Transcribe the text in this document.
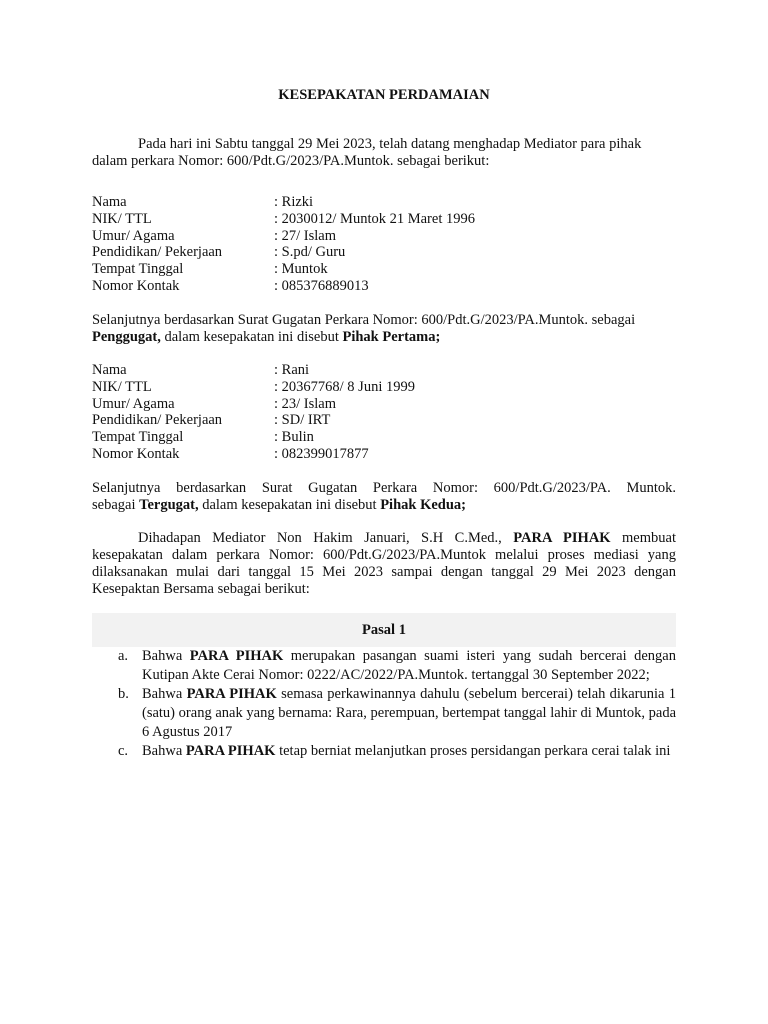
KESEPAKATAN PERDAMAIAN
Pada hari ini Sabtu tanggal 29 Mei 2023, telah datang menghadap Mediator para pihak
dalam perkara Nomor: 600/Pdt.G/2023/PA.Muntok. sebagai berikut:
Nama	: Rizki
NIK/ TTL	: 2030012/ Muntok 21 Maret 1996
Umur/ Agama	: 27/ Islam
Pendidikan/ Pekerjaan	: S.pd/ Guru
Tempat Tinggal	: Muntok
Nomor Kontak	: 085376889013
Selanjutnya berdasarkan Surat Gugatan Perkara Nomor: 600/Pdt.G/2023/PA.Muntok. sebagai
Penggugat, dalam kesepakatan ini disebut Pihak Pertama;
Nama	: Rani
NIK/ TTL	: 20367768/ 8 Juni 1999
Umur/ Agama	: 23/ Islam
Pendidikan/ Pekerjaan	: SD/ IRT
Tempat Tinggal	: Bulin
Nomor Kontak	: 082399017877
Selanjutnya berdasarkan Surat Gugatan Perkara Nomor: 600/Pdt.G/2023/PA. Muntok.
sebagai Tergugat, dalam kesepakatan ini disebut Pihak Kedua;
Dihadapan Mediator Non Hakim Januari, S.H C.Med., PARA PIHAK membuat
kesepakatan dalam perkara Nomor: 600/Pdt.G/2023/PA.Muntok melalui proses mediasi yang
dilaksanakan mulai dari tanggal 15 Mei 2023 sampai dengan tanggal 29 Mei 2023 dengan
Kesepaktan Bersama sebagai berikut:
Pasal 1
a. Bahwa PARA PIHAK merupakan pasangan suami isteri yang sudah bercerai dengan Kutipan Akte Cerai Nomor: 0222/AC/2022/PA.Muntok. tertanggal 30 September 2022;
b. Bahwa PARA PIHAK semasa perkawinannya dahulu (sebelum bercerai) telah dikarunia 1 (satu) orang anak yang bernama: Rara, perempuan, bertempat tanggal lahir di Muntok, pada 6 Agustus 2017
c. Bahwa PARA PIHAK tetap berniat melanjutkan proses persidangan perkara cerai talak ini
